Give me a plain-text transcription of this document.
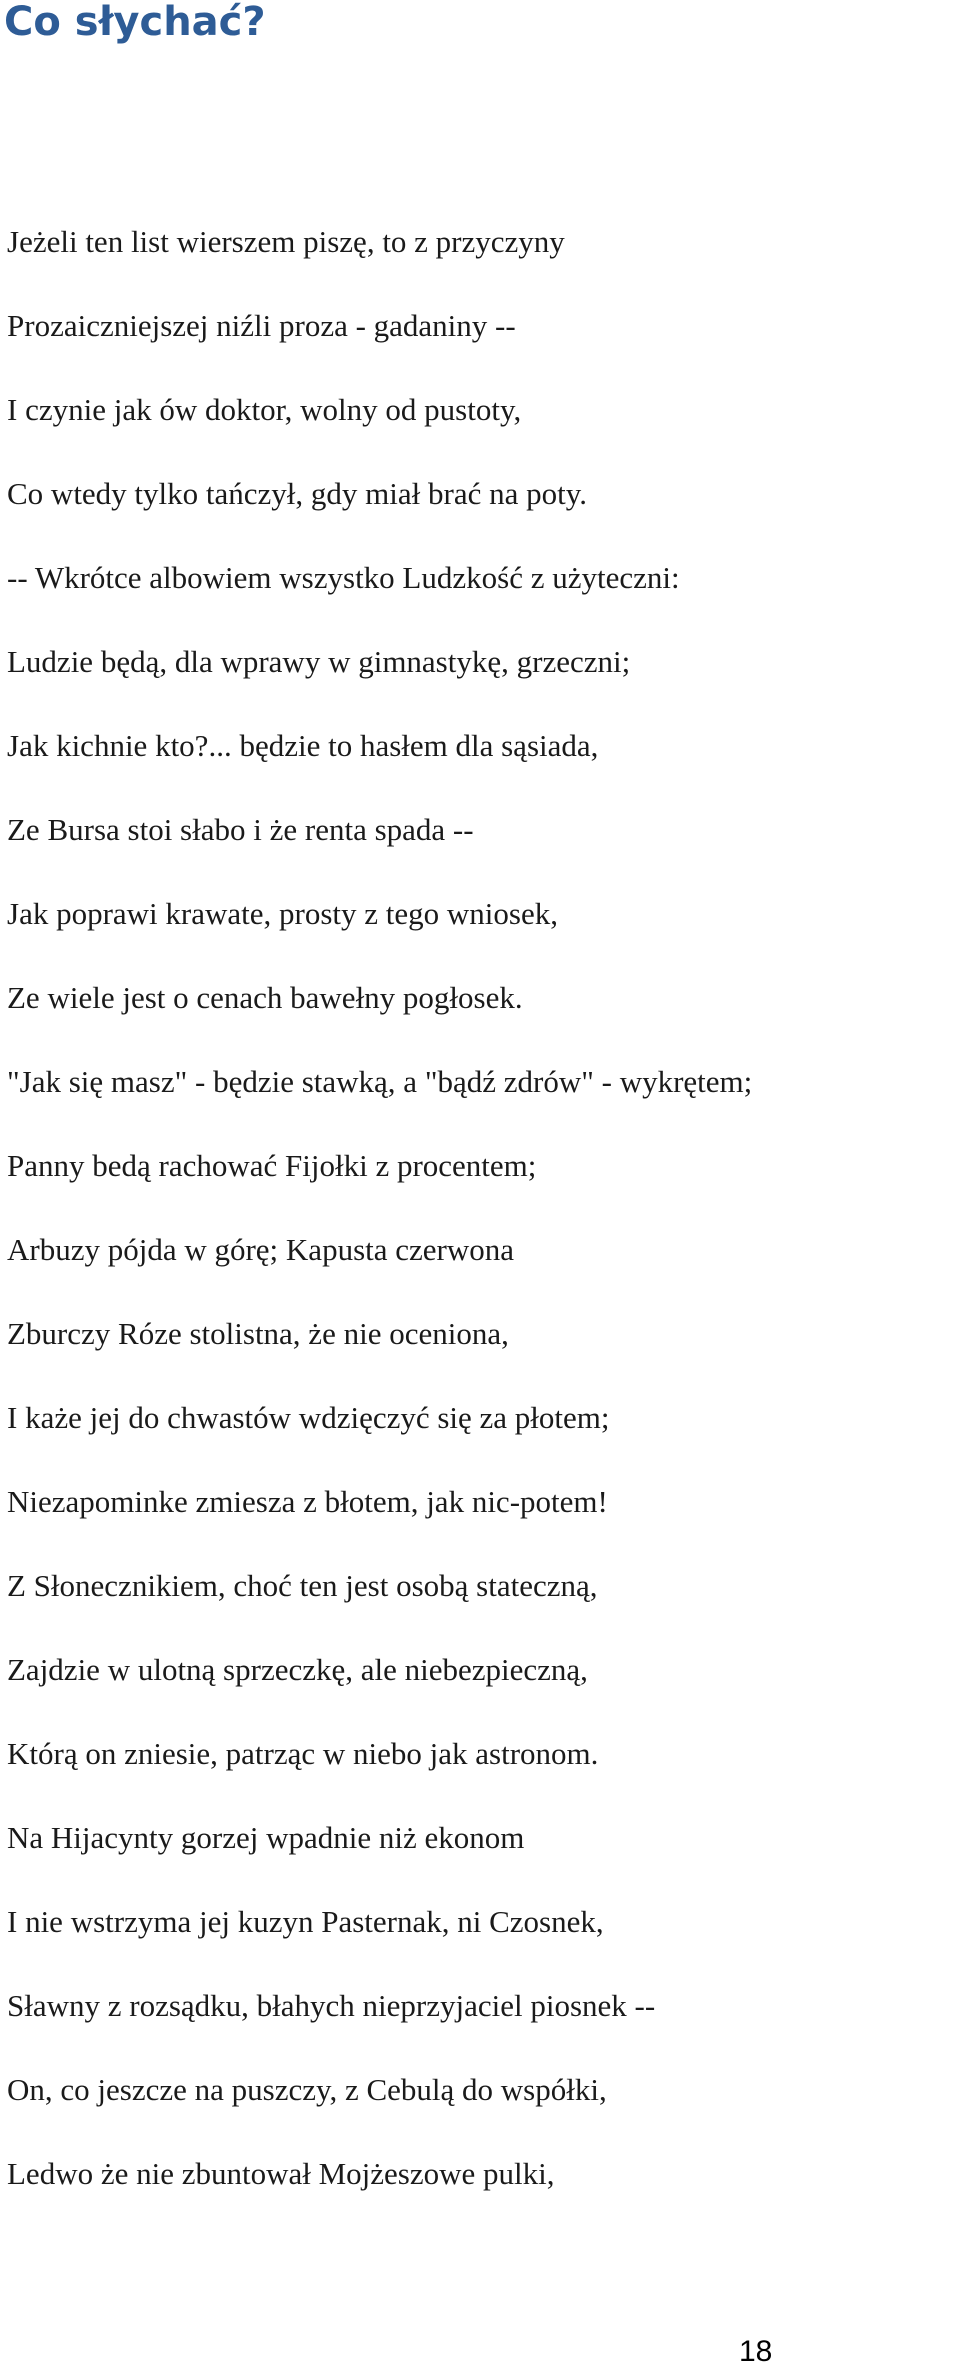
Co słychać?
Jeżeli ten list wierszem piszę, to z przyczyny
Prozaiczniejszej niźli proza - gadaniny --
I czynie jak ów doktor, wolny od pustoty,
Co wtedy tylko tańczył, gdy miał brać na poty.
-- Wkrótce albowiem wszystko Ludzkość z użyteczni:
Ludzie będą, dla wprawy w gimnastykę, grzeczni;
Jak kichnie kto?... będzie to hasłem dla sąsiada,
Ze Bursa stoi słabo i że renta spada --
Jak poprawi krawate, prosty z tego wniosek,
Ze wiele jest o cenach bawełny pogłosek.
"Jak się masz" - będzie stawką, a "bądź zdrów" - wykrętem;
Panny bedą rachować Fijołki z procentem;
Arbuzy pójda w górę; Kapusta czerwona
Zburczy Róze stolistna, że nie oceniona,
I każe jej do chwastów wdzięczyć się za płotem;
Niezapominke zmiesza z błotem, jak nic-potem!
Z Słonecznikiem, choć ten jest osobą stateczną,
Zajdzie w ulotną sprzeczkę, ale niebezpieczną,
Którą on zniesie, patrząc w niebo jak astronom.
Na Hijacynty gorzej wpadnie niż ekonom
I nie wstrzyma jej kuzyn Pasternak, ni Czosnek,
Sławny z rozsądku, błahych nieprzyjaciel piosnek --
On, co jeszcze na puszczy, z Cebulą do współki,
Ledwo że nie zbuntował Mojżeszowe pulki,
18
